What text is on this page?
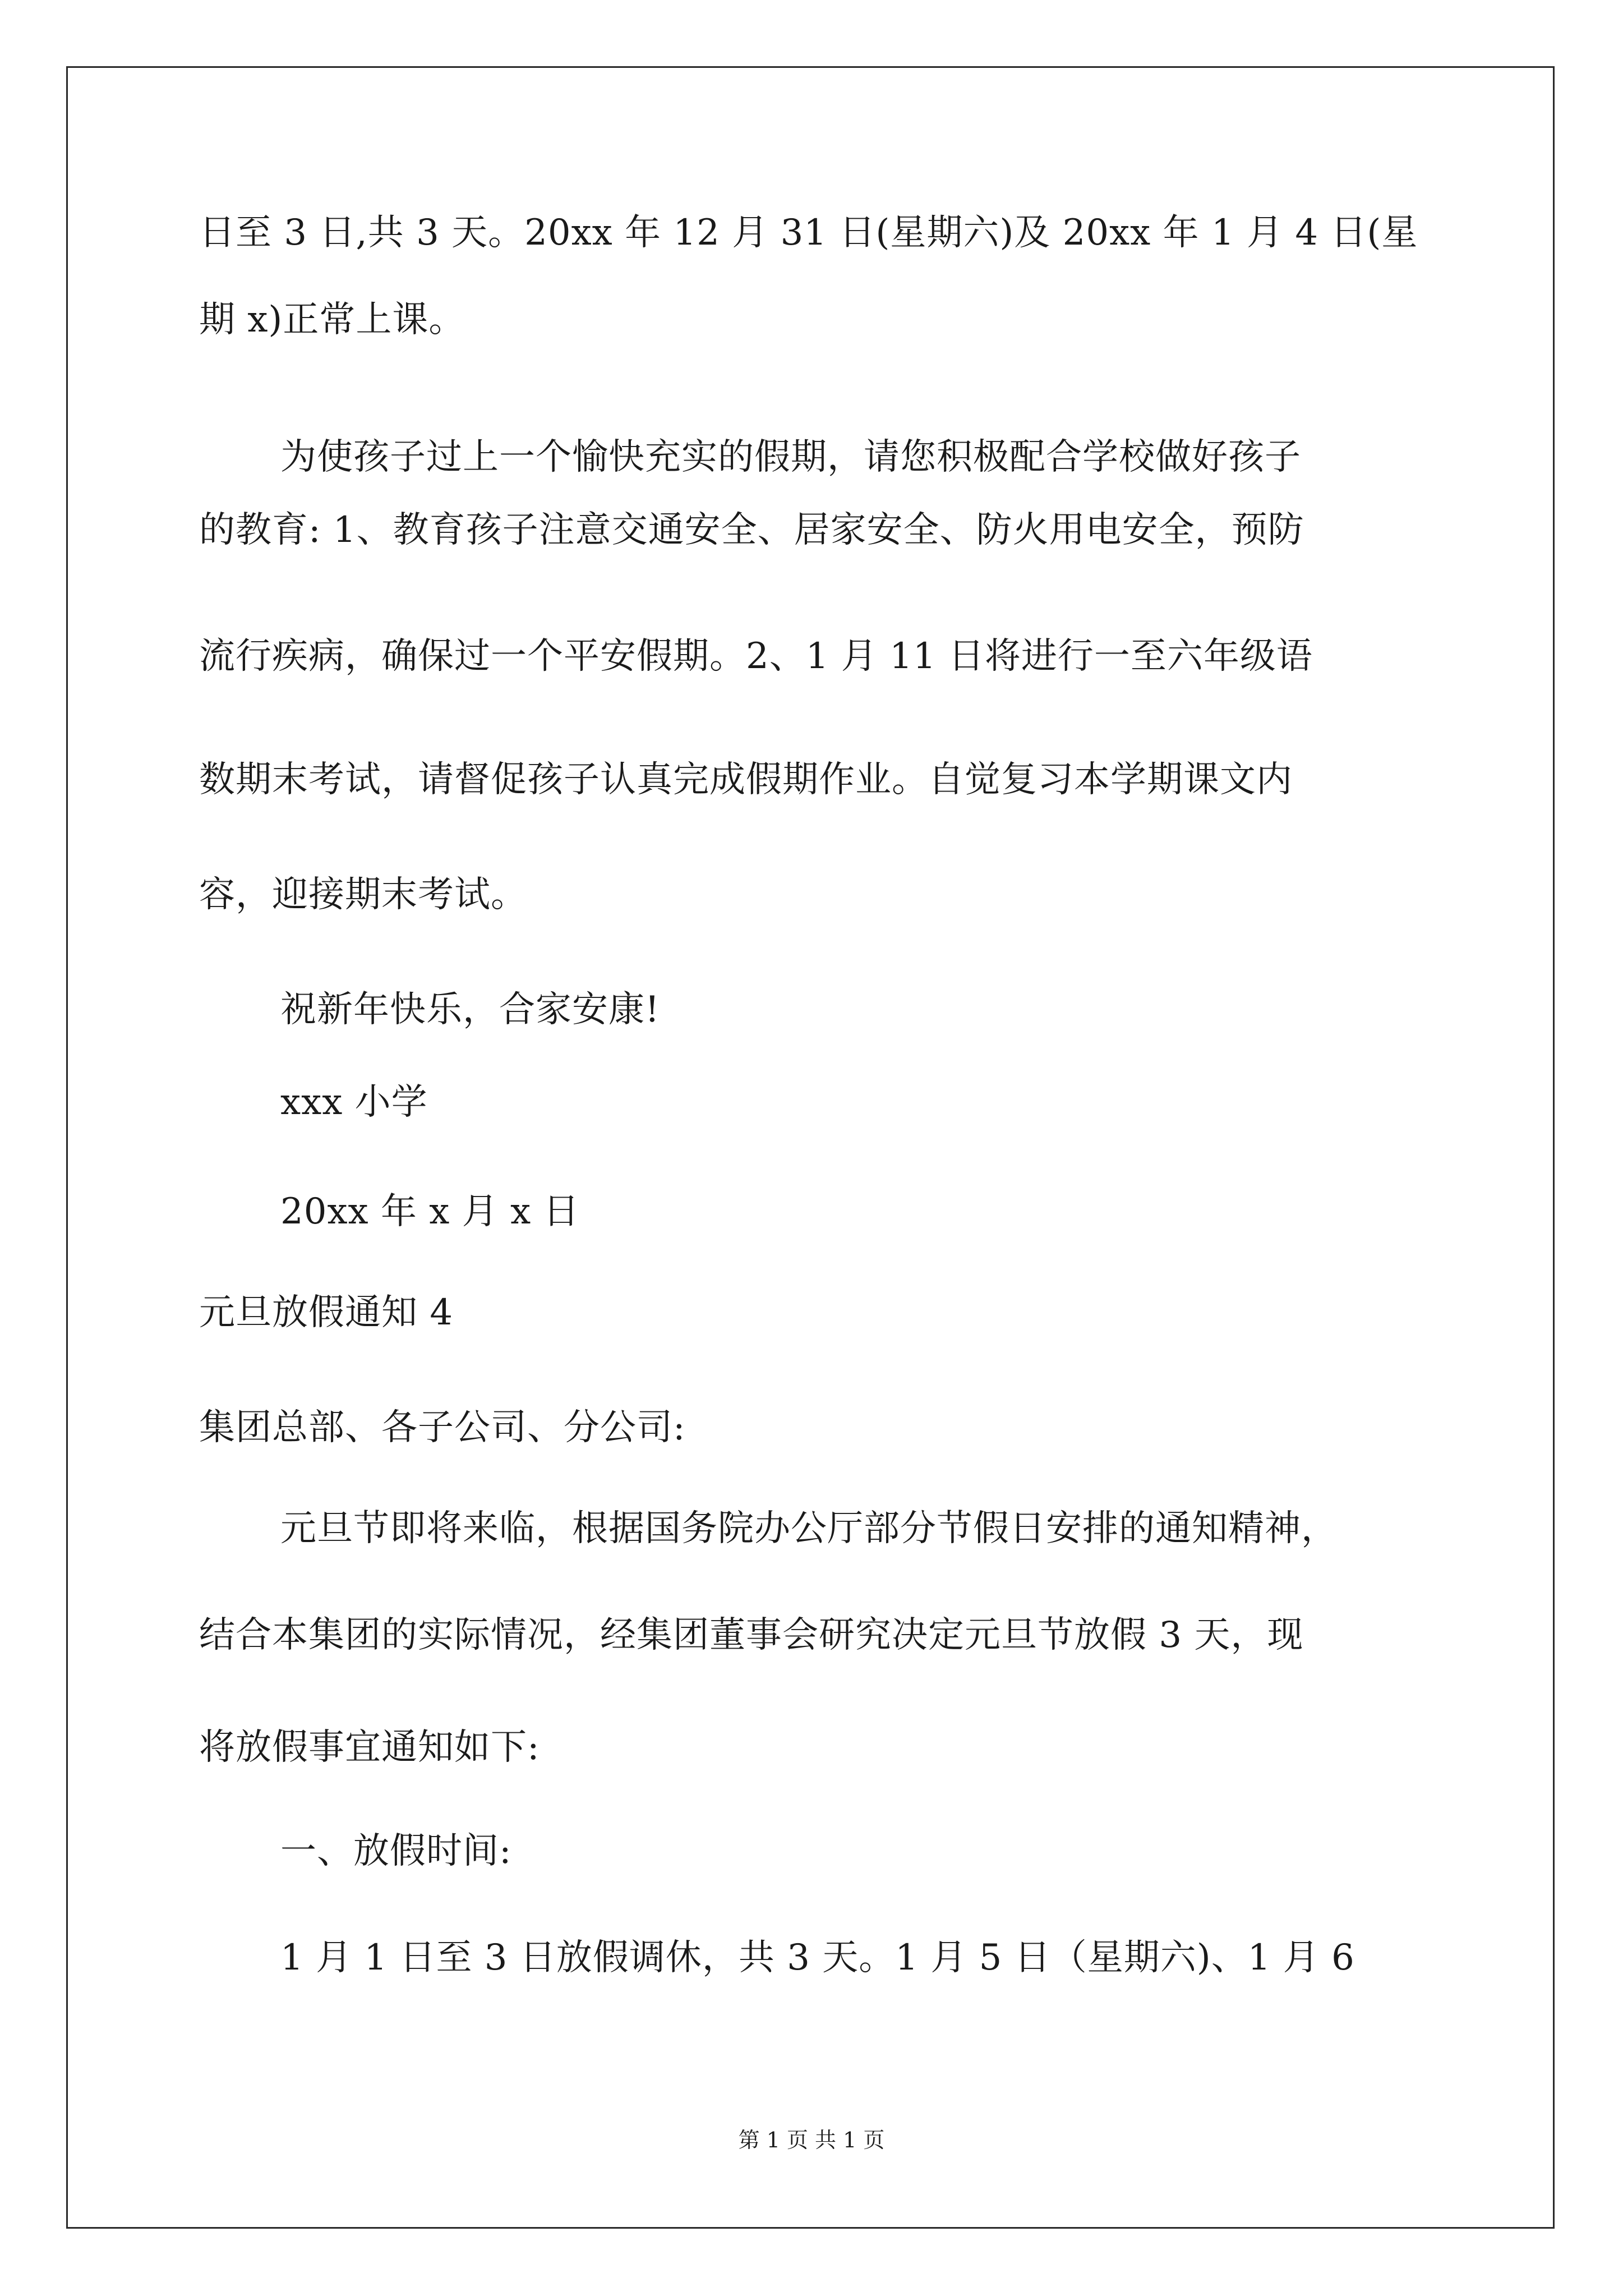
日至 3 日,共 3 天。20xx 年 12 月 31 日(星期六)及 20xx 年 1 月 4 日(星
期 x)正常上课。
为使孩子过上一个愉快充实的假期，请您积极配合学校做好孩子
的教育: 1、教育孩子注意交通安全、居家安全、防火用电安全，预防
流行疾病，确保过一个平安假期。2、1 月 11 日将进行一至六年级语
数期末考试，请督促孩子认真完成假期作业。自觉复习本学期课文内
容，迎接期末考试。
祝新年快乐，合家安康!
xxx 小学
20xx 年 x 月 x 日
元旦放假通知 4
集团总部、各子公司、分公司:
元旦节即将来临，根据国务院办公厅部分节假日安排的通知精神，
结合本集团的实际情况，经集团董事会研究决定元旦节放假 3 天，现
将放假事宜通知如下:
一、放假时间:
1 月 1 日至 3 日放假调休，共 3 天。1 月 5 日（星期六)、1 月 6
第 1 页 共 1 页
